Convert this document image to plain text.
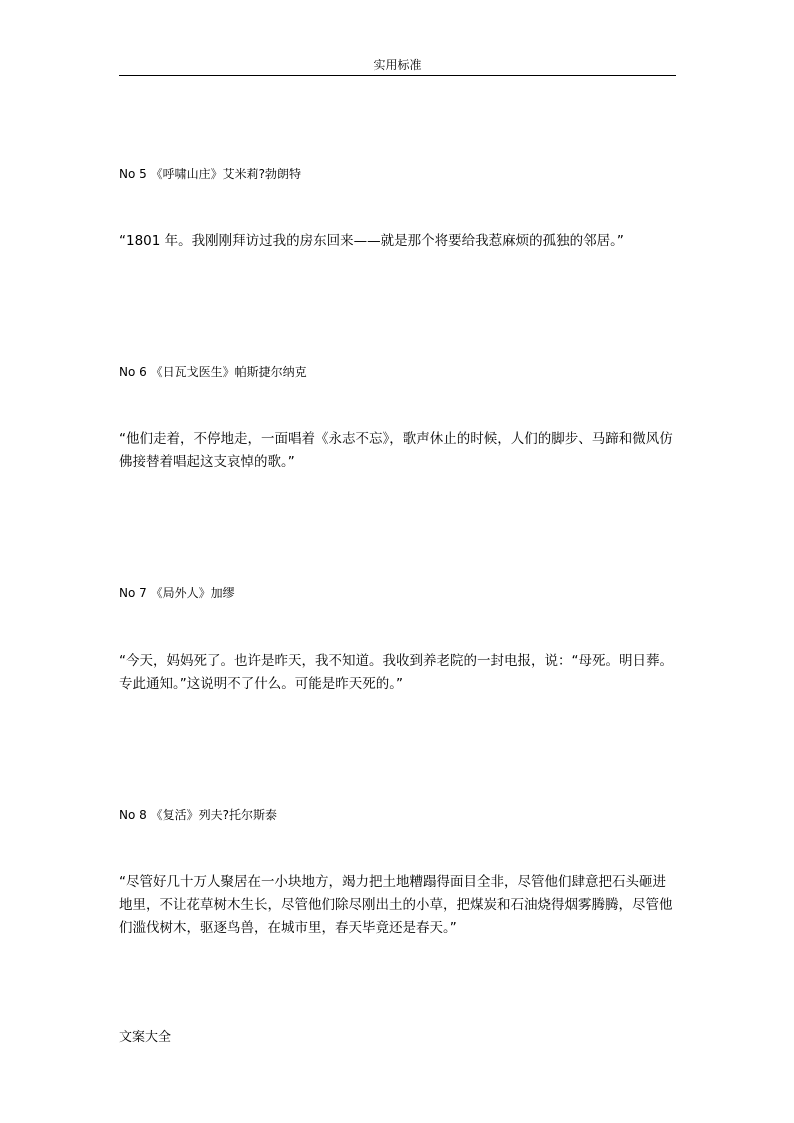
实用标准
No 5 《呼啸山庄》艾米莉?勃朗特
“1801 年。我刚刚拜访过我的房东回来——就是那个将要给我惹麻烦的孤独的邻居。”
No 6 《日瓦戈医生》帕斯捷尔纳克
“他们走着，不停地走，一面唱着《永志不忘》，歌声休止的时候，人们的脚步、马蹄和微风仿佛接替着唱起这支哀悼的歌。”
No 7 《局外人》加缪
“今天，妈妈死了。也许是昨天，我不知道。我收到养老院的一封电报，说：“母死。明日葬。专此通知。”这说明不了什么。可能是昨天死的。”
No 8 《复活》列夫?托尔斯泰
“尽管好几十万人聚居在一小块地方，竭力把土地糟蹋得面目全非，尽管他们肆意把石头砸进地里，不让花草树木生长，尽管他们除尽刚出土的小草，把煤炭和石油烧得烟雾腾腾，尽管他们滥伐树木，驱逐鸟兽，在城市里，春天毕竟还是春天。”
文案大全
